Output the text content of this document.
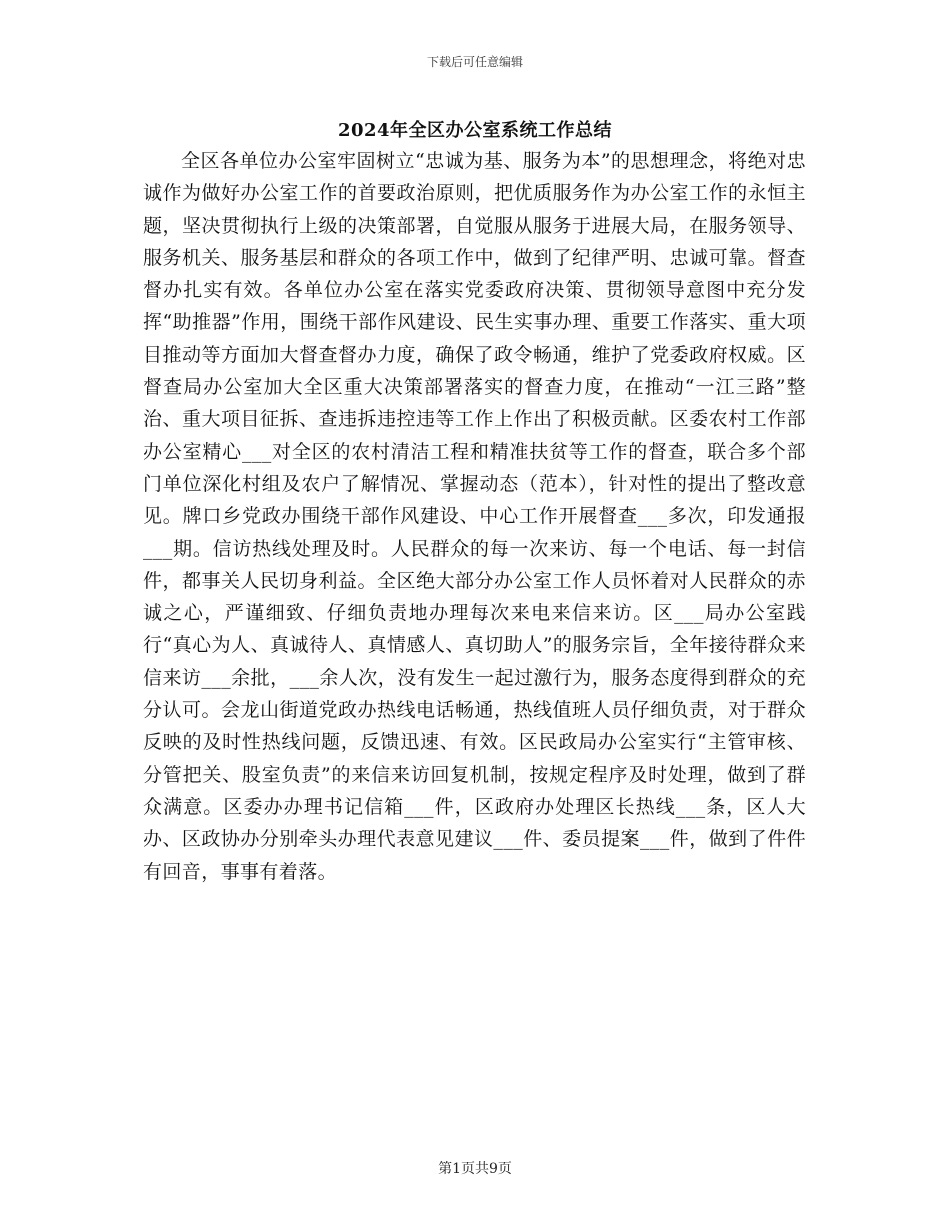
下载后可任意编辑
2024年全区办公室系统工作总结

全区各单位办公室牢固树立“忠诚为基、服务为本”的思想理念，将绝对忠诚作为做好办公室工作的首要政治原则，把优质服务作为办公室工作的永恒主题，坚决贯彻执行上级的决策部署，自觉服从服务于进展大局，在服务领导、服务机关、服务基层和群众的各项工作中，做到了纪律严明、忠诚可靠。督查督办扎实有效。各单位办公室在落实党委政府决策、贯彻领导意图中充分发挥“助推器”作用，围绕干部作风建设、民生实事办理、重要工作落实、重大项目推动等方面加大督查督办力度，确保了政令畅通，维护了党委政府权威。区督查局办公室加大全区重大决策部署落实的督查力度，在推动“一江三路”整治、重大项目征拆、查违拆违控违等工作上作出了积极贡献。区委农村工作部办公室精心___对全区的农村清洁工程和精准扶贫等工作的督查，联合多个部门单位深化村组及农户了解情况、掌握动态（范本），针对性的提出了整改意见。牌口乡党政办围绕干部作风建设、中心工作开展督查___多次，印发通报___期。信访热线处理及时。人民群众的每一次来访、每一个电话、每一封信件，都事关人民切身利益。全区绝大部分办公室工作人员怀着对人民群众的赤诚之心，严谨细致、仔细负责地办理每次来电来信来访。区___局办公室践行“真心为人、真诚待人、真情感人、真切助人”的服务宗旨，全年接待群众来信来访___余批，___余人次，没有发生一起过激行为，服务态度得到群众的充分认可。会龙山街道党政办热线电话畅通，热线值班人员仔细负责，对于群众反映的及时性热线问题，反馈迅速、有效。区民政局办公室实行“主管审核、分管把关、股室负责”的来信来访回复机制，按规定程序及时处理，做到了群众满意。区委办办理书记信箱___件，区政府办处理区长热线___条，区人大办、区政协办分别牵头办理代表意见建议___件、委员提案___件，做到了件件有回音，事事有着落。

第1页共9页
